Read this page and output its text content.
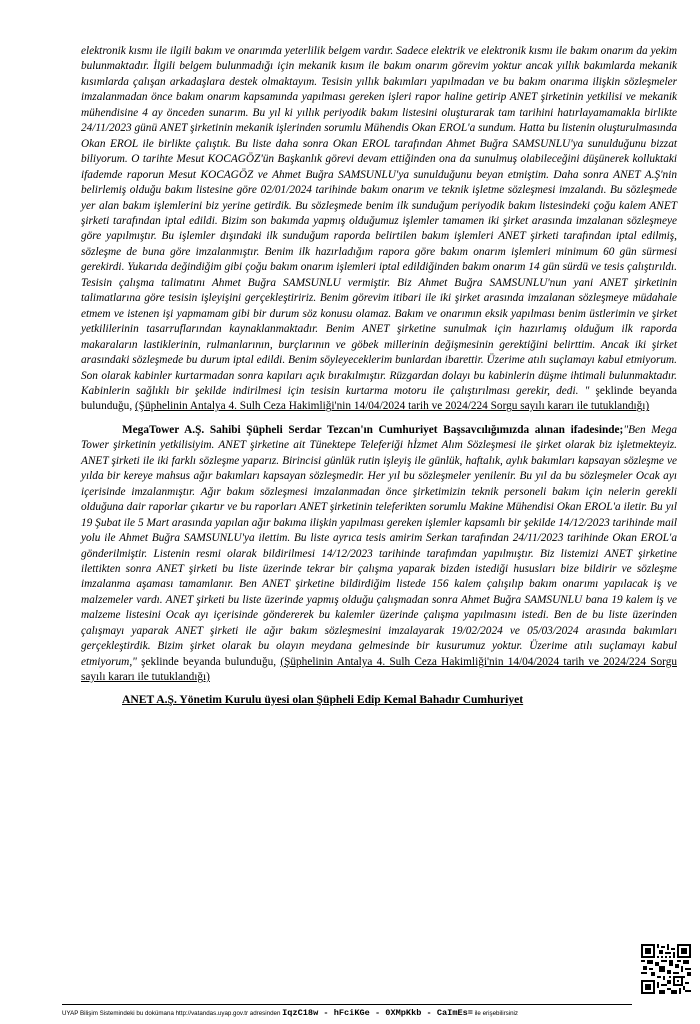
elektronik kısmı ile ilgili bakım ve onarımda yeterlilik belgem vardır. Sadece elektrik ve elektronik kısmı ile bakım onarım da yekim bulunmaktadır. İlgili belgem bulunmadığı için mekanik kısım ile bakım onarım görevim yoktur ancak yıllık bakımlarda mekanik kısımlarda çalışan arkadaşlara destek olmaktayım. Tesisin yıllık bakımları yapılmadan ve bu bakım onarıma ilişkin sözleşmeler imzalanmadan önce bakım onarım kapsamında yapılması gereken işleri rapor haline getirip ANET şirketinin yetkilisi ve mekanik mühendisine 4 ay önceden sunarım. Bu yıl ki yıllık periyodik bakım listesini oluşturarak tam tarihini hatırlayamamakla birlikte 24/11/2023 günü ANET şirketinin mekanik işlerinden sorumlu Mühendis Okan EROL'a sundum. Hatta bu listenin oluşturulmasında Okan EROL ile birlikte çalıştık. Bu liste daha sonra Okan EROL tarafından Ahmet Buğra SAMSUNLU'ya sunulduğunu bizzat biliyorum. O tarihte Mesut KOCAGÖZ'ün Başkanlık görevi devam ettiğinden ona da sunulmuş olabileceğini düşünerek kolluktaki ifademde raporun Mesut KOCAGÖZ ve Ahmet Buğra SAMSUNLU'ya sunulduğunu beyan etmiştim. Daha sonra ANET A.Ş'nin belirlemiş olduğu bakım listesine göre 02/01/2024 tarihinde bakım onarım ve teknik işletme sözleşmesi imzalandı. Bu sözleşmede yer alan bakım işlemlerini biz yerine getirdik. Bu sözleşmede benim ilk sunduğum periyodik bakım listesindeki çoğu kalem ANET şirketi tarafından iptal edildi. Bizim son bakımda yapmış olduğumuz işlemler tamamen iki şirket arasında imzalanan sözleşmeye göre yapılmıştır. Bu işlemler dışındaki ilk sunduğum raporda belirtilen bakım işlemleri ANET şirketi tarafından iptal edilmiş, sözleşme de buna göre imzalanmıştır. Benim ilk hazırladığım rapora göre bakım onarım işlemleri minimum 60 gün sürmesi gerekirdi. Yukarıda değindiğim gibi çoğu bakım onarım işlemleri iptal edildiğinden bakım onarım 14 gün sürdü ve tesis çalıştırıldı. Tesisin çalışma talimatını Ahmet Buğra SAMSUNLU vermiştir. Biz Ahmet Buğra SAMSUNLU'nun yani ANET şirketinin talimatlarına göre tesisin işleyişini gerçekleştiririz. Benim görevim itibari ile iki şirket arasında imzalanan sözleşmeye müdahale etmem ve istenen işi yapmamam gibi bir durum söz konusu olamaz. Bakım ve onarımın eksik yapılması benim üstlerimin ve şirket yetkililerinin tasarruflarından kaynaklanmaktadır. Benim ANET şirketine sunulmak için hazırlamış olduğum ilk raporda makaraların lastiklerinin, rulmanlarının, burçlarının ve göbek millerinin değişmesinin gerektiğini belirttim. Ancak iki şirket arasındaki sözleşmede bu durum iptal edildi. Benim söyleyeceklerim bunlardan ibarettir. Üzerime atılı suçlamayı kabul etmiyorum. Son olarak kabinler kurtarmadan sonra kapıları açık bırakılmıştır. Rüzgardan dolayı bu kabinlerin düşme ihtimali bulunmaktadır. Kabinlerin sağlıklı bir şekilde indirilmesi için tesisin kurtarma motoru ile çalıştırılması gerekir, dedi. " şeklinde beyanda bulunduğu, (Şüphelinin Antalya 4. Sulh Ceza Hakimliği'nin 14/04/2024 tarih ve 2024/224 Sorgu sayılı kararı ile tutuklandığı)

MegaTower A.Ş. Sahibi Şüpheli Serdar Tezcan'ın Cumhuriyet Başsavcılığımızda alınan ifadesinde;"Ben Mega Tower şirketinin yetkilisiyim. ANET şirketine ait Tünektepe Teleferiği hİzmet Alım Sözleşmesi ile şirket olarak biz işletmekteyiz. ANET şirketi ile iki farklı sözleşme yaparız. Birincisi günlük rutin işleyiş ile günlük, haftalık, aylık bakımları kapsayan sözleşme ve yılda bir kereye mahsus ağır bakımları kapsayan sözleşmedir. Her yıl bu sözleşmeler yenilenir. Bu yıl da bu sözleşmeler Ocak ayı içerisinde imzalanmıştır. Ağır bakım sözleşmesi imzalanmadan önce şirketimizin teknik personeli bakım için nelerin gerekli olduğuna dair raporlar çıkartır ve bu raporları ANET şirketinin teleferikten sorumlu Makine Mühendisi Okan EROL'a iletir. Bu yıl 19 Şubat ile 5 Mart arasında yapılan ağır bakıma ilişkin yapılması gereken işlemler kapsamlı bir şekilde 14/12/2023 tarihinde mail yolu ile Ahmet Buğra SAMSUNLU'ya ilettim. Bu liste ayrıca tesis amirim Serkan tarafından 24/11/2023 tarihinde Okan EROL'a gönderilmiştir. Listenin resmi olarak bildirilmesi 14/12/2023 tarihinde tarafımdan yapılmıştır. Biz listemizi ANET şirketine ilettikten sonra ANET şirketi bu liste üzerinde tekrar bir çalışma yaparak bizden istediği hususları bize bildirir ve sözleşme imzalanma aşaması tamamlanır. Ben ANET şirketine bildirdiğim listede 156 kalem çalışılıp bakım onarımı yapılacak iş ve malzemeler vardı. ANET şirketi bu liste üzerinde yapmış olduğu çalışmadan sonra Ahmet Buğra SAMSUNLU bana 19 kalem iş ve malzeme listesini Ocak ayı içerisinde göndererek bu kalemler üzerinde çalışma yapılmasını istedi. Ben de bu liste üzerinden çalışmayı yaparak ANET şirketi ile ağır bakım sözleşmesini imzalayarak 19/02/2024 ve 05/03/2024 arasında bakımları gerçekleştirdik. Bizim şirket olarak bu olayın meydana gelmesinde bir kusurumuz yoktur. Üzerime atılı suçlamayı kabul etmiyorum," şeklinde beyanda bulunduğu, (Şüphelinin Antalya 4. Sulh Ceza Hakimliği'nin 14/04/2024 tarih ve 2024/224 Sorgu sayılı kararı ile tutuklandığı)

ANET A.Ş. Yönetim Kurulu üyesi olan Şüpheli Edip Kemal Bahadır Cumhuriyet

UYAP Bilişim Sistemindeki bu dokümana http://vatandas.uyap.gov.tr adresinden IqzC18w - hFciKGe - 0XMpKkb - CaImEs= ile erişebilirsiniz
